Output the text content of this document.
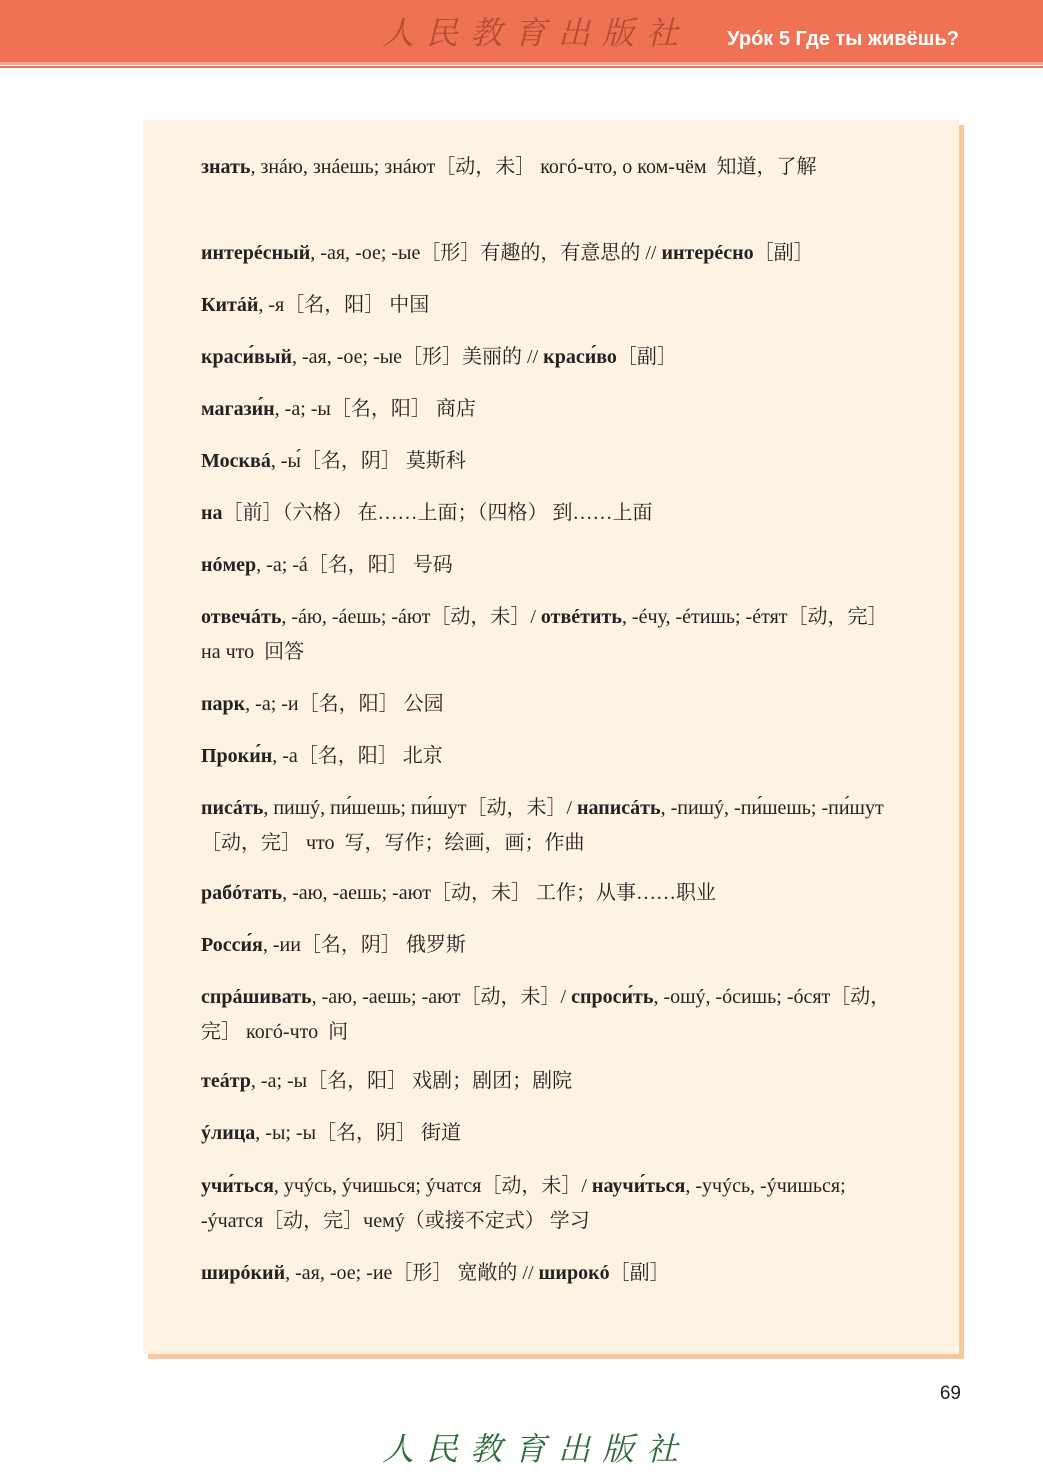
人民教育出版社 Урóк 5 Где ты живёшь?
знать, знáю, знáешь; знáют［动，未］ когó-что, о ком-чём  知道，了解
интерéсный, -ая, -ое; -ые［形］有趣的，有意思的 // интерéсно［副］
Китáй, -я［名，阳］ 中国
краси́вый, -ая, -ое; -ые［形］美丽的 // краси́во［副］
магази́н, -а; -ы［名，阳］ 商店
Москвá, -ы́［名，阴］ 莫斯科
на［前］（六格） 在……上面；（四格） 到……上面
нóмер, -а; -á［名，阳］ 号码
отвечáть, -áю, -áешь; -áют［动，未］/ отвéтить, -éчу, -éтишь; -éтят［动，完］на что  回答
парк, -а; -и［名，阳］ 公园
Проки́н, -а［名，阳］ 北京
писáть, пишý, пи́шешь; пи́шут［动，未］/ написáть, -пишý, -пи́шешь; -пи́шут［动，完］ что  写，写作；绘画，画；作曲
рабóтать, -аю, -аешь; -ают［动，未］ 工作；从事……职业
Росси́я, -ии［名，阴］ 俄罗斯
спрáшивать, -аю, -аешь; -ают［动，未］/ спроси́ть, -ошý, -óсишь; -óсят［动，完］ когó-что  问
теáтр, -а; -ы［名，阳］ 戏剧；剧团；剧院
ýлица, -ы; -ы［名，阴］ 街道
учи́ться, учýсь, ýчишься; ýчатся［动，未］/ научи́ться, -учýсь, -ýчишься; -ýчатся［动，完］чемý（或接不定式） 学习
ширóкий, -ая, -ое; -ие［形］ 宽敞的 // широкó［副］
69
人民教育出版社
